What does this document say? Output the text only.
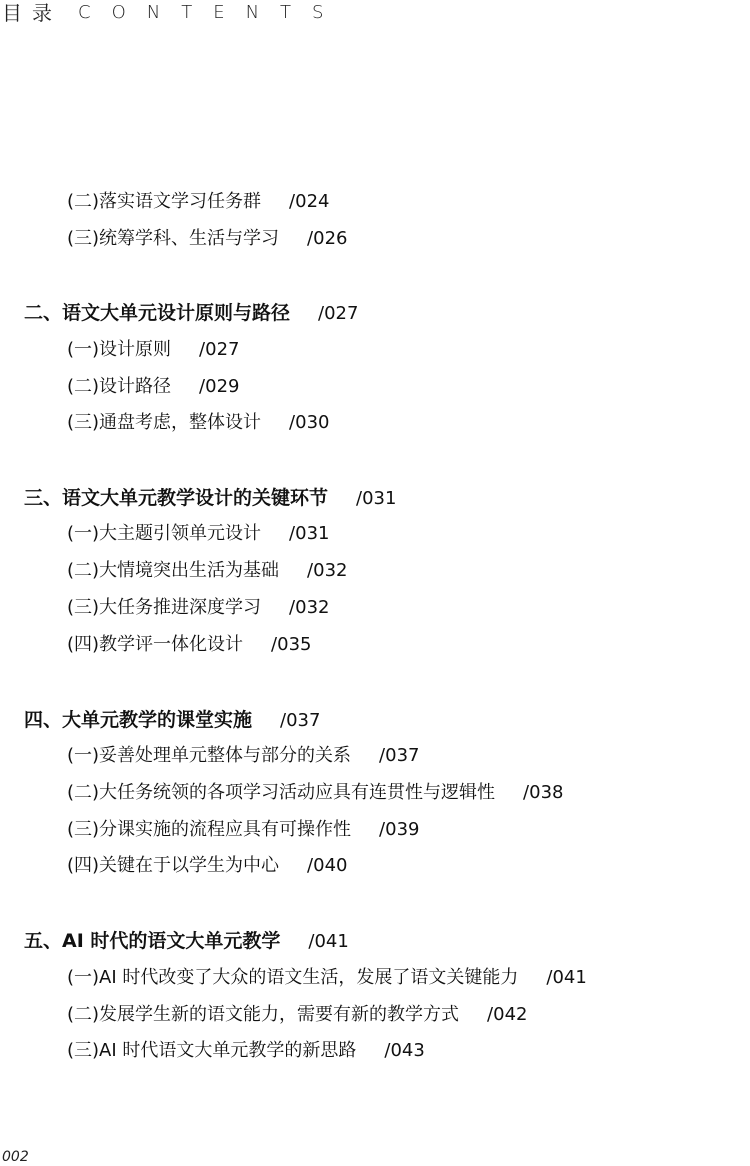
目录 CONTENTS
(二)落实语文学习任务群 /024
(三)统筹学科、生活与学习 /026
二、语文大单元设计原则与路径 /027
(一)设计原则 /027
(二)设计路径 /029
(三)通盘考虑，整体设计 /030
三、语文大单元教学设计的关键环节 /031
(一)大主题引领单元设计 /031
(二)大情境突出生活为基础 /032
(三)大任务推进深度学习 /032
(四)教学评一体化设计 /035
四、大单元教学的课堂实施 /037
(一)妥善处理单元整体与部分的关系 /037
(二)大任务统领的各项学习活动应具有连贯性与逻辑性 /038
(三)分课实施的流程应具有可操作性 /039
(四)关键在于以学生为中心 /040
五、AI 时代的语文大单元教学 /041
(一)AI 时代改变了大众的语文生活，发展了语文关键能力 /041
(二)发展学生新的语文能力，需要有新的教学方式 /042
(三)AI 时代语文大单元教学的新思路 /043
002
